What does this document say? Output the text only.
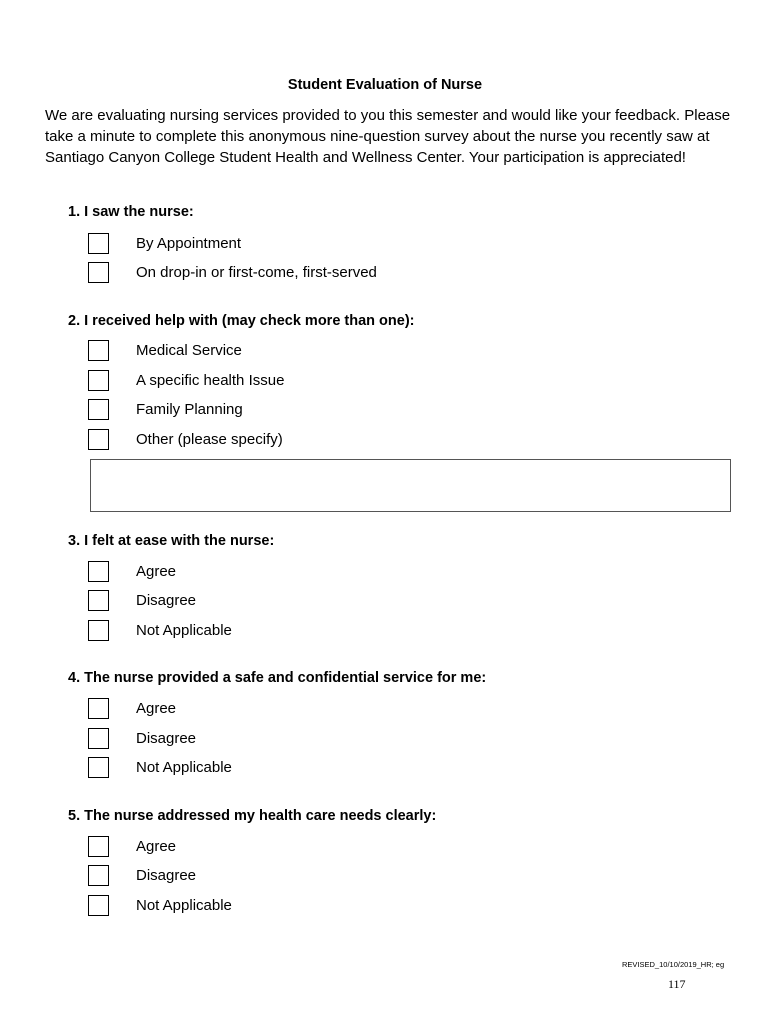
Student Evaluation of Nurse
We are evaluating nursing services provided to you this semester and would like your feedback. Please
take a minute to complete this anonymous nine-question survey about the nurse you recently saw at
Santiago Canyon College Student Health and Wellness Center. Your participation is appreciated!
1. I saw the nurse:
By Appointment
On drop-in or first-come, first-served
2. I received help with (may check more than one):
Medical Service
A specific health Issue
Family Planning
Other (please specify)
3. I felt at ease with the nurse:
Agree
Disagree
Not Applicable
4. The nurse provided a safe and confidential service for me:
Agree
Disagree
Not Applicable
5. The nurse addressed my health care needs clearly:
Agree
Disagree
Not Applicable
REVISED_10/10/2019_HR; eg
117
